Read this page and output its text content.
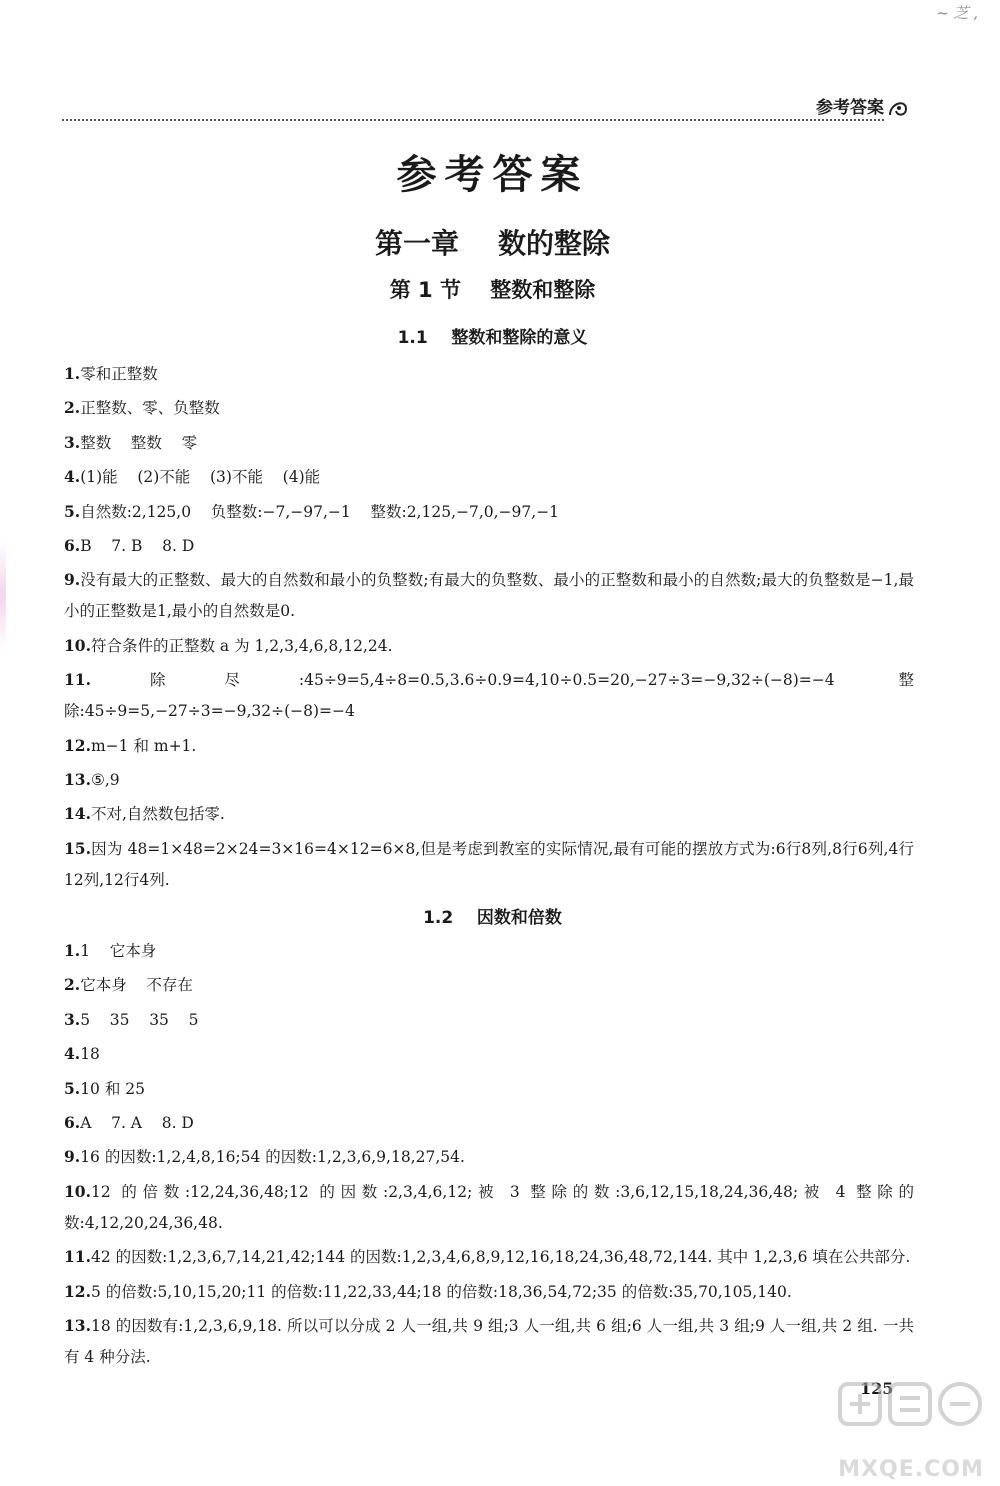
~ 芝 ,
参考答案
参考答案
第一章    数的整除
第 1 节    整数和整除
1.1    整数和整除的意义
1.零和正整数
2.正整数、零、负整数
3.整数    整数    零
4.(1)能    (2)不能    (3)不能    (4)能
5.自然数:2,125,0    负整数:−7,−97,−1    整数:2,125,−7,0,−97,−1
6.B    7. B    8. D
9.没有最大的正整数、最大的自然数和最小的负整数;有最大的负整数、最小的正整数和最小的自然数;最大的负整数是−1,最小的正整数是1,最小的自然数是0.
10.符合条件的正整数 a 为 1,2,3,4,6,8,12,24.
11.除尽:45÷9=5,4÷8=0.5,3.6÷0.9=4,10÷0.5=20,−27÷3=−9,32÷(−8)=−4 整除:45÷9=5,−27÷3=−9,32÷(−8)=−4
12.m−1 和 m+1.
13.⑤,9
14.不对,自然数包括零.
15.因为 48=1×48=2×24=3×16=4×12=6×8,但是考虑到教室的实际情况,最有可能的摆放方式为:6行8列,8行6列,4行12列,12行4列.
1.2    因数和倍数
1.1    它本身
2.它本身    不存在
3.5    35    35    5
4.18
5.10 和 25
6.A    7. A    8. D
9.16 的因数:1,2,4,8,16;54 的因数:1,2,3,6,9,18,27,54.
10.12 的倍数:12,24,36,48;12 的因数:2,3,4,6,12;被 3 整除的数:3,6,12,15,18,24,36,48;被 4 整除的数:4,12,20,24,36,48.
11.42 的因数:1,2,3,6,7,14,21,42;144 的因数:1,2,3,4,6,8,9,12,16,18,24,36,48,72,144. 其中 1,2,3,6 填在公共部分.
12.5 的倍数:5,10,15,20;11 的倍数:11,22,33,44;18 的倍数:18,36,54,72;35 的倍数:35,70,105,140.
13.18 的因数有:1,2,3,6,9,18. 所以可以分成 2 人一组,共 9 组;3 人一组,共 6 组;6 人一组,共 3 组;9 人一组,共 2 组. 一共有 4 种分法.
125
MXQE.COM
